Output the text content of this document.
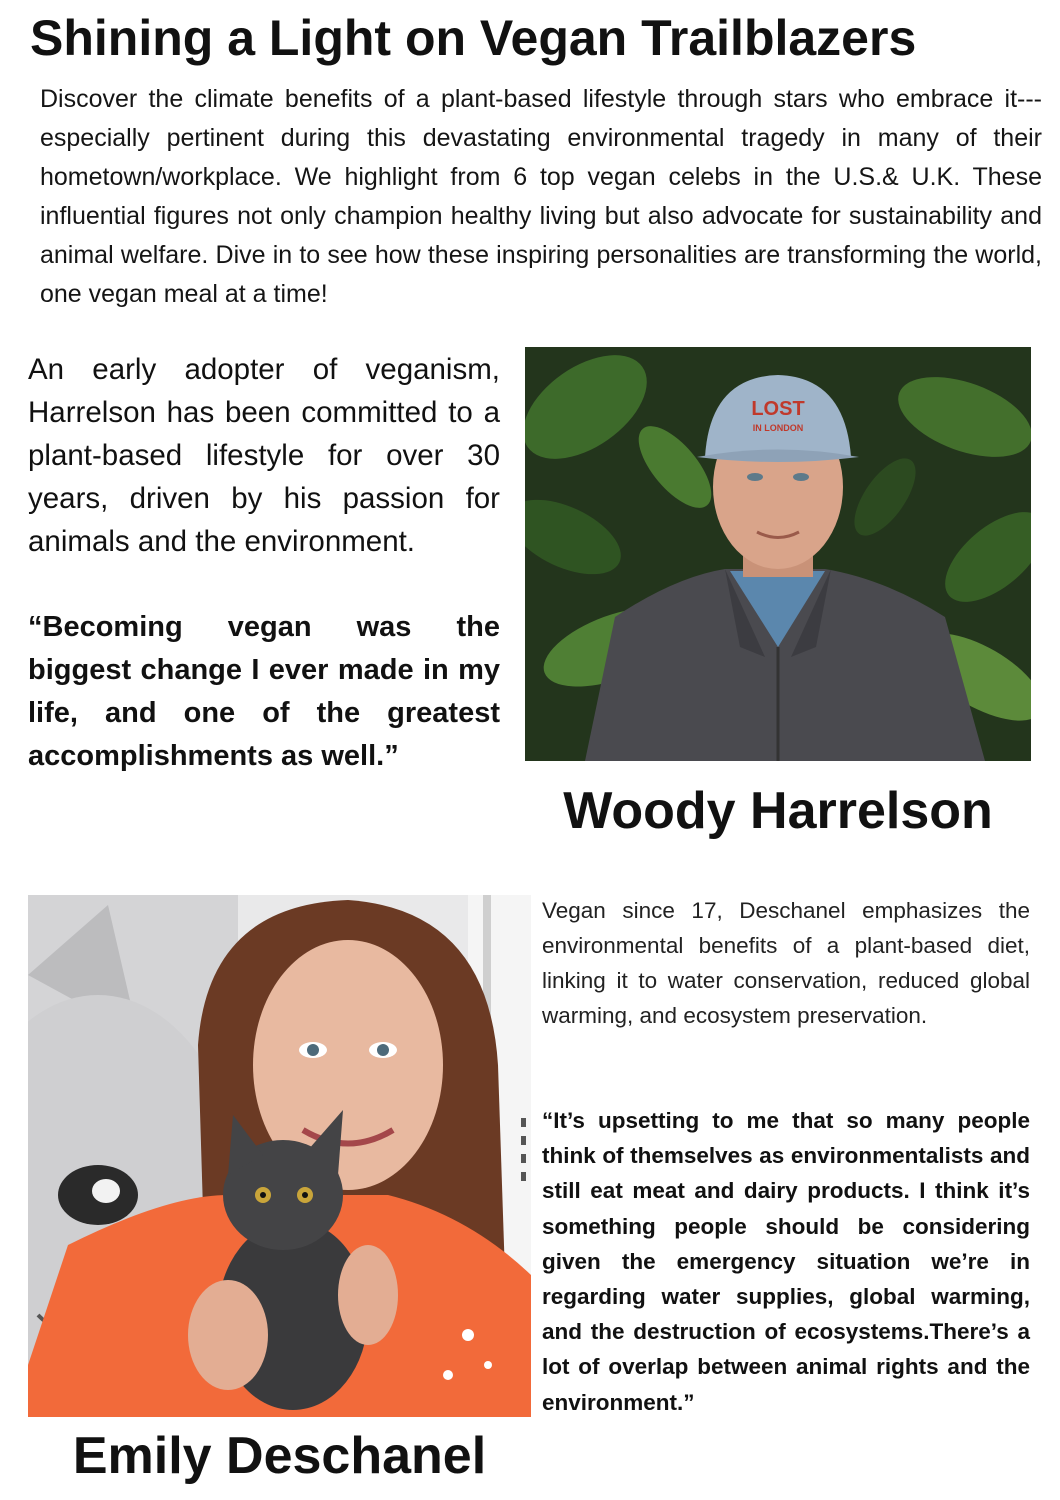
Shining a Light on Vegan Trailblazers
Discover the climate benefits of a plant-based lifestyle through stars who embrace it---especially pertinent during this devastating environmental tragedy in many of their hometown/workplace. We highlight from 6 top vegan celebs in the U.S.& U.K. These influential figures not only champion healthy living but also advocate for sustainability and animal welfare. Dive in to see how these inspiring personalities are transforming the world, one vegan meal at a time!
An early adopter of veganism, Harrelson has been committed to a plant-based lifestyle for over 30 years, driven by his passion for animals and the environment.
“Becoming vegan was the biggest change I ever made in my life, and one of the greatest accomplishments as well.”
LOST
IN LONDON
Woody Harrelson
Emily Deschanel
Vegan since 17, Deschanel emphasizes the environmental benefits of a plant-based diet, linking it to water conservation, reduced global warming, and ecosystem preservation.
“It’s upsetting to me that so many people think of themselves as environmentalists and still eat meat and dairy products. I think it’s something people should be considering given the emergency situation we’re in regarding water supplies, global warming, and the destruction of ecosystems.There’s a lot of overlap between animal rights and the environment.”
